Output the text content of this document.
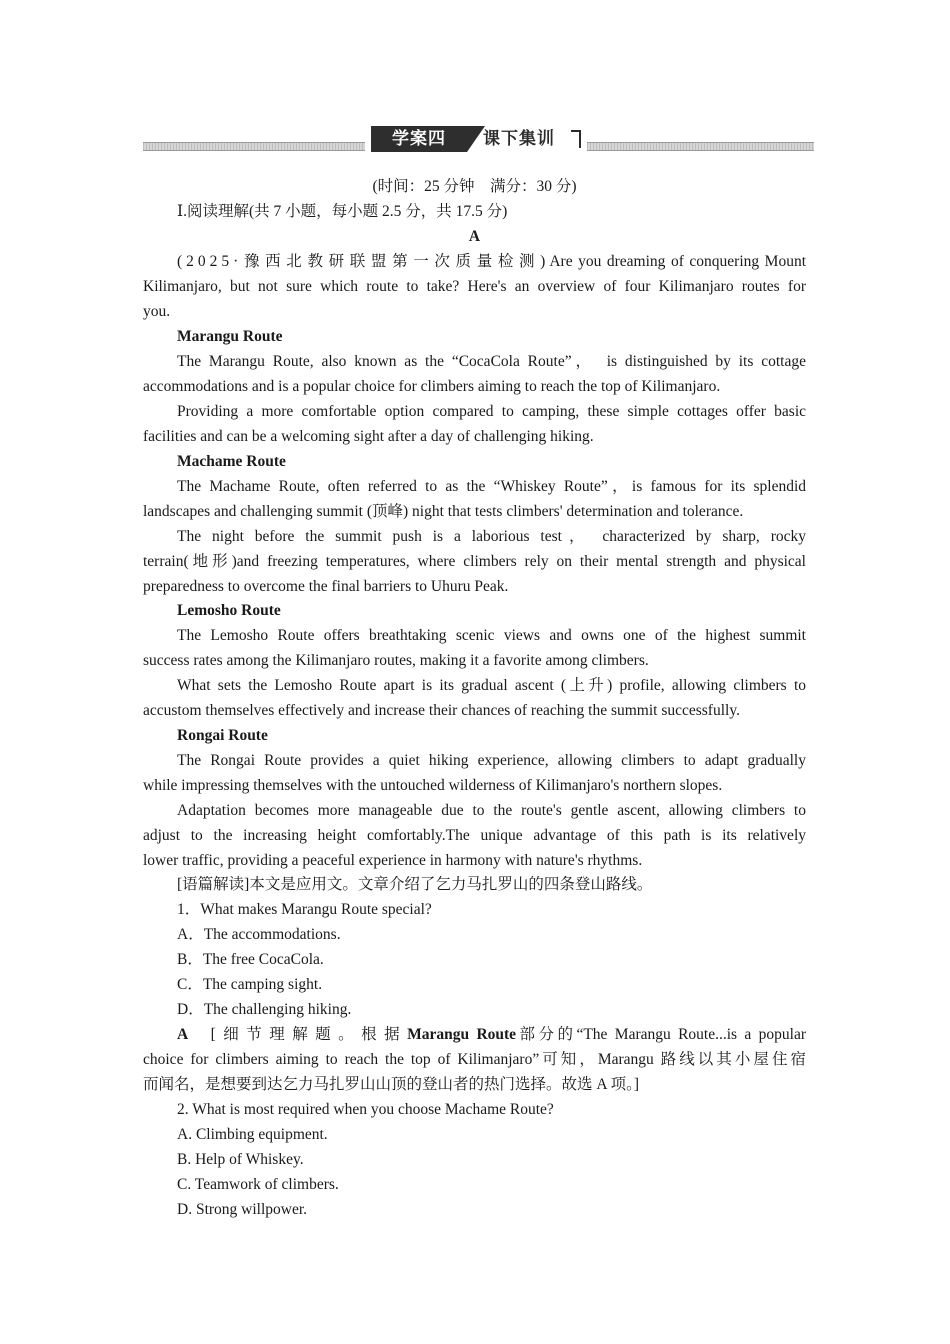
学案四	课下集训
(时间：25 分钟　满分：30 分)
Ⅰ.阅读理解(共 7 小题，每小题 2.5 分，共 17.5 分)
A
(2025·豫西北教研联盟第一次质量检测)Are you dreaming of conquering Mount
Kilimanjaro, but not sure which route to take? Here's an overview of four Kilimanjaro routes for
you.
Marangu Route
The Marangu Route, also known as the “CocaCola Route”，　is distinguished by its cottage
accommodations and is a popular choice for climbers aiming to reach the top of Kilimanjaro.
Providing a more comfortable option compared to camping, these simple cottages offer basic
facilities and can be a welcoming sight after a day of challenging hiking.
Machame Route
The Machame Route, often referred to as the “Whiskey Route”，is famous for its splendid
landscapes and challenging summit (顶峰) night that tests climbers' determination and tolerance.
The night before the summit push is a laborious test， characterized by sharp, rocky
terrain(地形)and freezing temperatures, where climbers rely on their mental strength and physical
preparedness to overcome the final barriers to Uhuru Peak.
Lemosho Route
The Lemosho Route offers breathtaking scenic views and owns one of the highest summit
success rates among the Kilimanjaro routes, making it a favorite among climbers.
What sets the Lemosho Route apart is its gradual ascent (上升) profile, allowing climbers to
accustom themselves effectively and increase their chances of reaching the summit successfully.
Rongai Route
The Rongai Route provides a quiet hiking experience, allowing climbers to adapt gradually
while impressing themselves with the untouched wilderness of Kilimanjaro's northern slopes.
Adaptation becomes more manageable due to the route's gentle ascent, allowing climbers to
adjust to the increasing height comfortably.The unique advantage of this path is its relatively
lower traffic, providing a peaceful experience in harmony with nature's rhythms.
[语篇解读]本文是应用文。文章介绍了乞力马扎罗山的四条登山路线。
1．What makes Marangu Route special?
A．The accommodations.
B．The free CocaCola.
C．The camping sight.
D．The challenging hiking.
A　 [细节理解题。根据Marangu Route部分的“The Marangu Route...is a popular
choice for climbers aiming to reach the top of Kilimanjaro”可知，Marangu 路线以其小屋住宿
而闻名，是想要到达乞力马扎罗山山顶的登山者的热门选择。故选 A 项。]
2. What is most required when you choose Machame Route?
A. Climbing equipment.
B. Help of Whiskey.
C. Teamwork of climbers.
D. Strong willpower.
